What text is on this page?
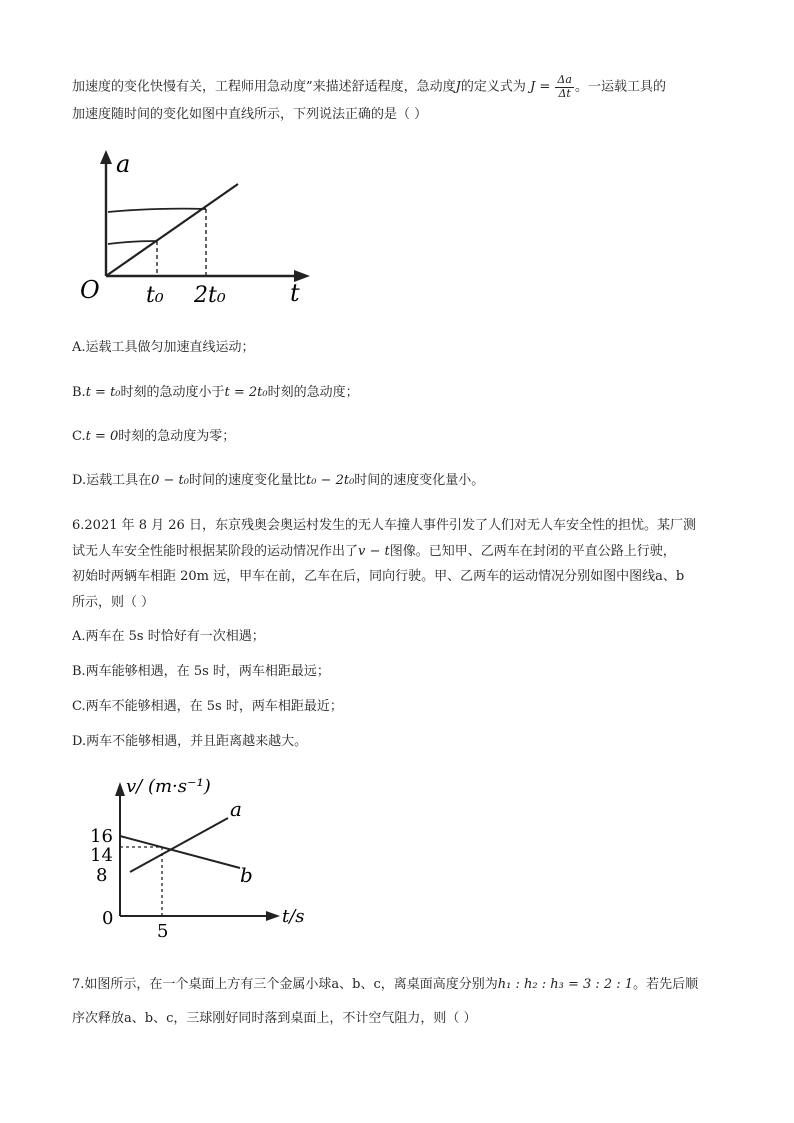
加速度的变化快慢有关，工程师用急动度”来描述舒适程度，急动度J的定义式为 $J = \frac{\Delta a}{\Delta t}$ 。一运载工具的
加速度随时间的变化如图中直线所示，下列说法正确的是（ ）
a
O	t
t₀ 2t₀
A.运载工具做匀加速直线运动；
B.t = t₀时刻的急动度小于t = 2t₀时刻的急动度；
C.t = 0时刻的急动度为零；
D.运载工具在0 − t₀时间的速度变化量比t₀ − 2t₀时间的速度变化量小。
6.2021 年 8 月 26 日，东京残奥会奥运村发生的无人车撞人事件引发了人们对无人车安全性的担忧。某厂测
试无人车安全性能时根据某阶段的运动情况作出了v − t图像。已知甲、乙两车在封闭的平直公路上行驶，
初始时两辆车相距 20m 远，甲车在前，乙车在后，同向行驶。甲、乙两车的运动情况分别如图中图线a、b
所示，则（ ）
A.两车在 5s 时恰好有一次相遇；
B.两车能够相遇，在 5s 时，两车相距最远；
C.两车不能够相遇，在 5s 时，两车相距最近；
D.两车不能够相遇，并且距离越来越大。
v/ (m·s⁻¹)
t/s
16
14
8
0
5
a
b
7.如图所示，在一个桌面上方有三个金属小球a、b、c，离桌面高度分别为h₁ : h₂ : h₃ = 3 : 2 : 1。若先后顺
序次释放a、b、c，三球刚好同时落到桌面上，不计空气阻力，则（ ）
